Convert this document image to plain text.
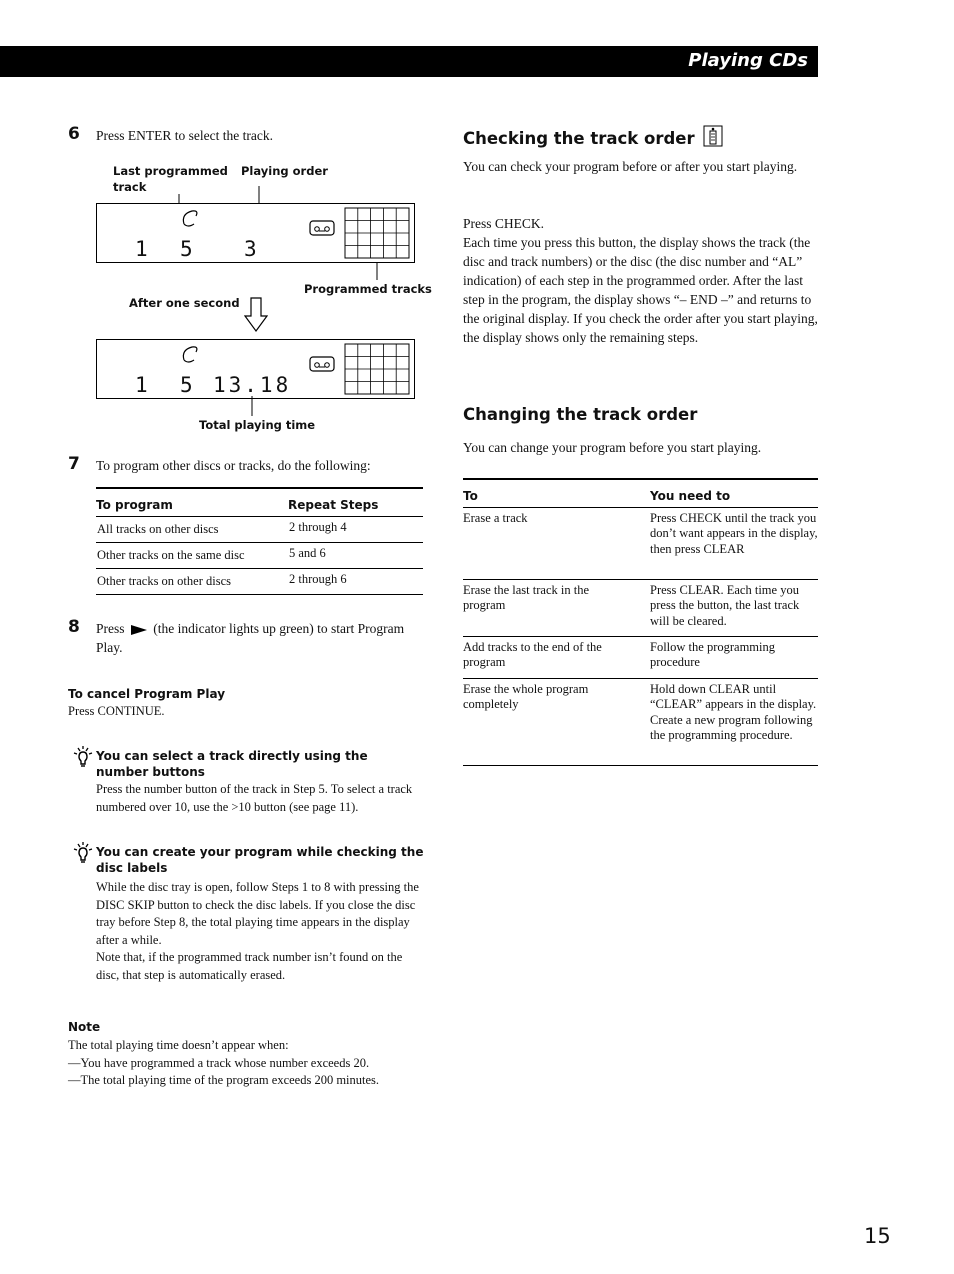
Playing CDs
6 Press ENTER to select the track.
Last programmed
track
Playing order
1 5 3
Programmed tracks
After one second
1 5 13.18
Total playing time
7 To program other discs or tracks, do the following:
To program	Repeat Steps
All tracks on other discs	2 through 4
Other tracks on the same disc	5 and 6
Other tracks on other discs	2 through 6
8 Press (the indicator lights up green) to start Program Play.
To cancel Program Play
Press CONTINUE.
You can select a track directly using the number buttons
Press the number button of the track in Step 5. To select a track numbered over 10, use the >10 button (see page 11).
You can create your program while checking the disc labels
While the disc tray is open, follow Steps 1 to 8 with pressing the DISC SKIP button to check the disc labels. If you close the disc tray before Step 8, the total playing time appears in the display after a while.
Note that, if the programmed track number isn’t found on the disc, that step is automatically erased.
Note
The total playing time doesn’t appear when:
—You have programmed a track whose number exceeds 20.
—The total playing time of the program exceeds 200 minutes.
Checking the track order
You can check your program before or after you start playing.
Press CHECK.
Each time you press this button, the display shows the track (the disc and track numbers) or the disc (the disc number and “AL” indication) of each step in the programmed order. After the last step in the program, the display shows “– END –” and returns to the original display. If you check the order after you start playing, the display shows only the remaining steps.
Changing the track order
You can change your program before you start playing.
To	You need to
Erase a track	Press CHECK until the track you don’t want appears in the display, then press CLEAR
Erase the last track in the program	Press CLEAR. Each time you press the button, the last track will be cleared.
Add tracks to the end of the program	Follow the programming procedure
Erase the whole program completely	Hold down CLEAR until “CLEAR” appears in the display. Create a new program following the programming procedure.
15
